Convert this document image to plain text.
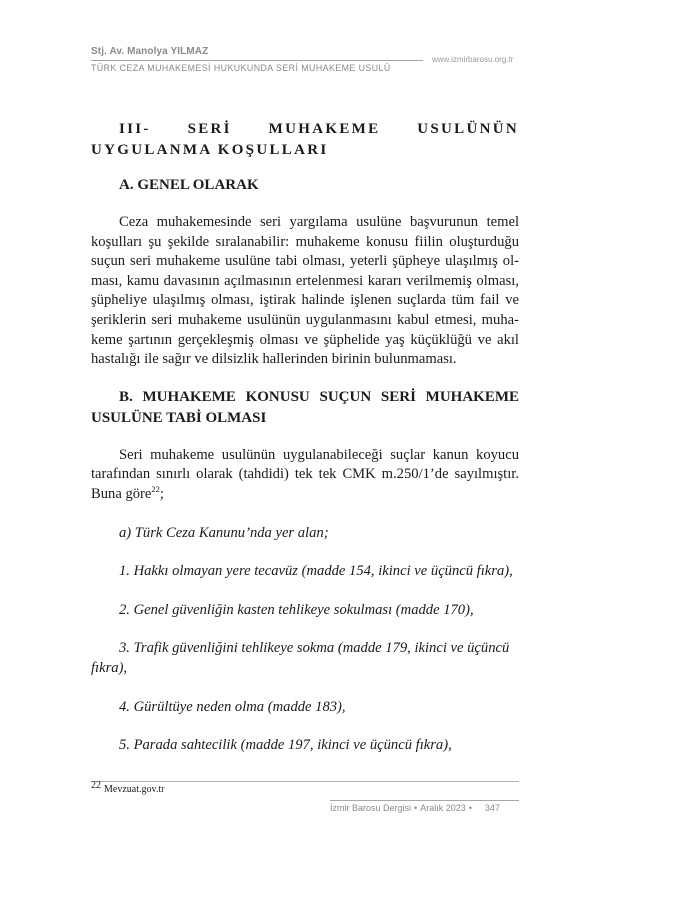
Stj. Av. Manolya YILMAZ
www.izmirbarosu.org.tr
TÜRK CEZA MUHAKEMESİ HUKUKUNDA SERİ MUHAKEME USULÜ

III- SERİ MUHAKEME USULÜNÜN UYGULANMA KOŞULLARI

A. GENEL OLARAK

Ceza muhakemesinde seri yargılama usulüne başvurunun temel koşulları şu şekilde sıralanabilir: muhakeme konusu fiilin oluşturduğu suçun seri muhakeme usulüne tabi olması, yeterli şüpheye ulaşılmış olması, kamu davasının açılmasının ertelenmesi kararı verilmemiş olması, şüpheliye ulaşılmış olması, iştirak halinde işlenen suçlarda tüm fail ve şeriklerin seri muhakeme usulünün uygulanmasını kabul etmesi, muhakeme şartının gerçekleşmiş olması ve şüphelide yaş küçüklüğü ve akıl hastalığı ile sağır ve dilsizlik hallerinden birinin bulunmaması.

B. MUHAKEME KONUSU SUÇUN SERİ MUHAKEME USULÜNE TABİ OLMASI

Seri muhakeme usulünün uygulanabileceği suçlar kanun koyucu tarafından sınırlı olarak (tahdidi) tek tek CMK m.250/1’de sayılmıştır. Buna göre$^{22}$;

a) Türk Ceza Kanunu’nda yer alan;

1. Hakkı olmayan yere tecavüz (madde 154, ikinci ve üçüncü fıkra),

2. Genel güvenliğin kasten tehlikeye sokulması (madde 170),

3. Trafik güvenliğini tehlikeye sokma (madde 179, ikinci ve üçüncü fıkra),

4. Gürültüye neden olma (madde 183),

5. Parada sahtecilik (madde 197, ikinci ve üçüncü fıkra),

$^{22}$ Mevzuat.gov.tr
İzmir Barosu Dergisi • Aralık 2023 • 347
